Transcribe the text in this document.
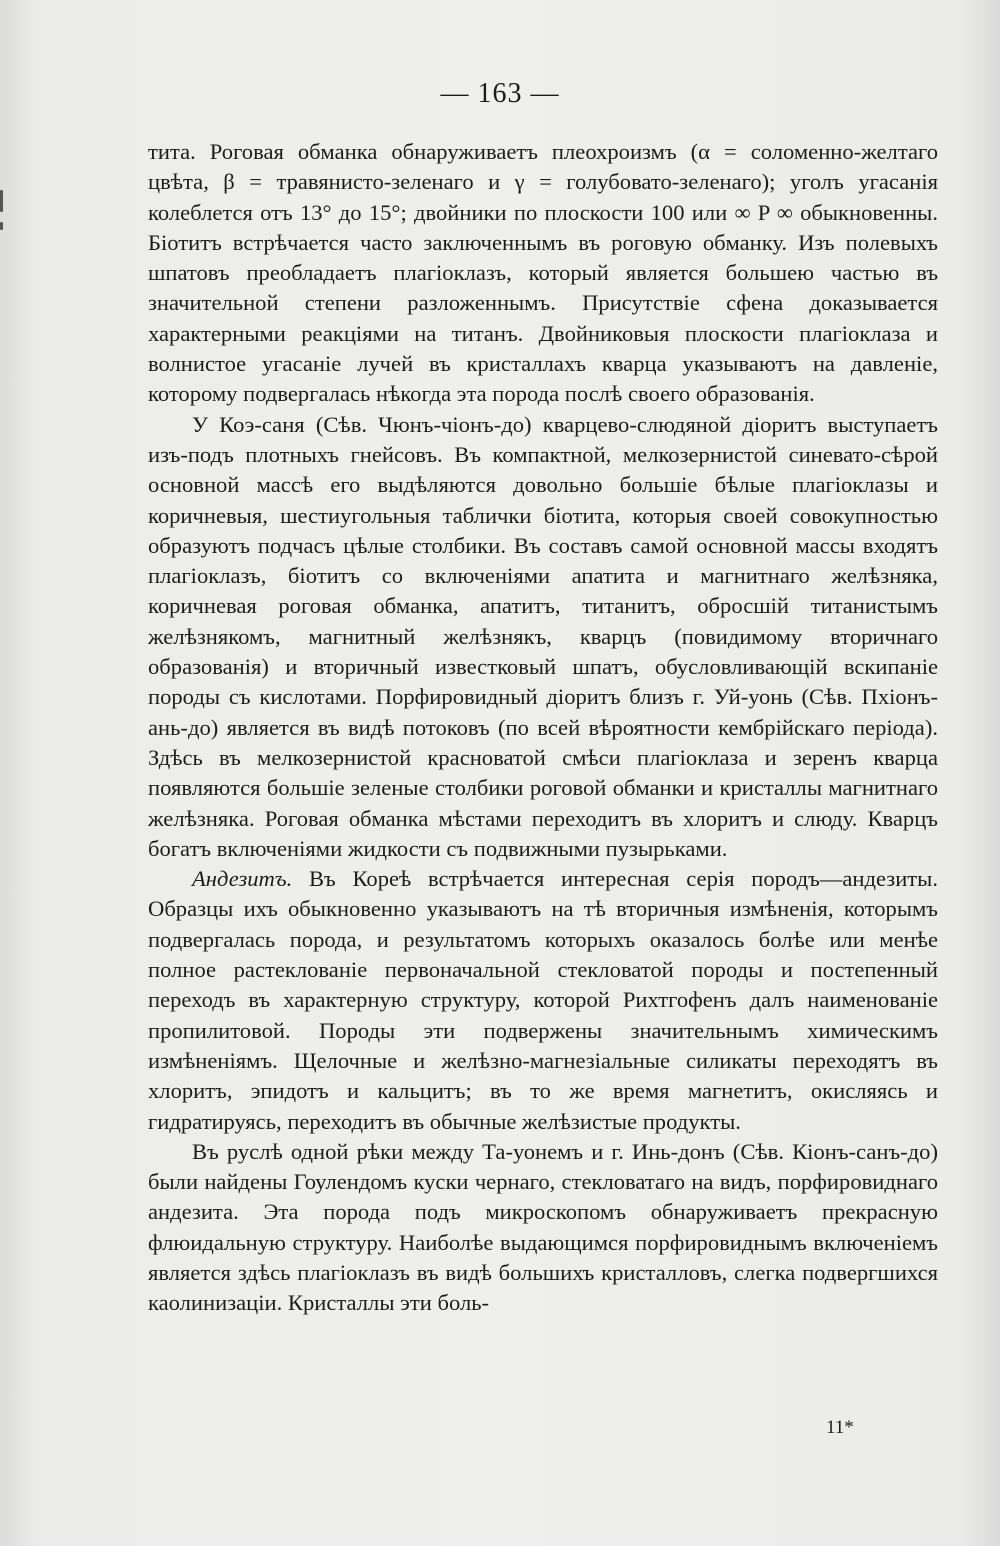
— 163 —

тита. Роговая обманка обнаруживаетъ плеохроизмъ (α = соломенно-желтаго цвѣта, β = травянисто-зеленаго и γ = голубовато-зеленаго); уголъ угасанія колеблется отъ 13° до 15°; двойники по плоскости 100 или ∞ P ∞ обыкновенны. Біотитъ встрѣчается часто заключеннымъ въ роговую обманку. Изъ полевыхъ шпатовъ преобладаетъ плагіоклазъ, который является большею частью въ значительной степени разложеннымъ. Присутствіе сфена доказывается характерными реакціями на титанъ. Двойниковыя плоскости плагіоклаза и волнистое угасаніе лучей въ кристаллахъ кварца указываютъ на давленіе, которому подвергалась нѣкогда эта порода послѣ своего образованія.

У Коэ-саня (Сѣв. Чюнъ-чіонъ-до) кварцево-слюдяной діоритъ выступаетъ изъ-подъ плотныхъ гнейсовъ. Въ компактной, мелкозернистой синевато-сѣрой основной массѣ его выдѣляются довольно большіе бѣлые плагіоклазы и коричневыя, шестиугольныя таблички біотита, которыя своей совокупностью образуютъ подчасъ цѣлые столбики. Въ составъ самой основной массы входятъ плагіоклазъ, біотитъ со включеніями апатита и магнитнаго желѣзняка, коричневая роговая обманка, апатитъ, титанитъ, обросшій титанистымъ желѣзнякомъ, магнитный желѣзнякъ, кварцъ (повидимому вторичнаго образованія) и вторичный известковый шпатъ, обусловливающій вскипаніе породы съ кислотами. Порфировидный діоритъ близъ г. Уй-уонь (Сѣв. Пхіонъ-ань-до) является въ видѣ потоковъ (по всей вѣроятности кембрійскаго періода). Здѣсь въ мелкозернистой красноватой смѣси плагіоклаза и зеренъ кварца появляются большіе зеленые столбики роговой обманки и кристаллы магнитнаго желѣзняка. Роговая обманка мѣстами переходитъ въ хлоритъ и слюду. Кварцъ богатъ включеніями жидкости съ подвижными пузырьками.

Андезитъ. Въ Кореѣ встрѣчается интересная серія породъ—андезиты. Образцы ихъ обыкновенно указываютъ на тѣ вторичныя измѣненія, которымъ подвергалась порода, и результатомъ которыхъ оказалось болѣе или менѣе полное растеклованіе первоначальной стекловатой породы и постепенный переходъ въ характерную структуру, которой Рихтгофенъ далъ наименованіе пропилитовой. Породы эти подвержены значительнымъ химическимъ измѣненіямъ. Щелочные и желѣзно-магнезіальные силикаты переходятъ въ хлоритъ, эпидотъ и кальцитъ; въ то же время магнетитъ, окисляясь и гидратируясь, переходитъ въ обычные желѣзистые продукты.

Въ руслѣ одной рѣки между Та-уонемъ и г. Инь-донъ (Сѣв. Кіонъ-санъ-до) были найдены Гоулендомъ куски чернаго, стекловатаго на видъ, порфировиднаго андезита. Эта порода подъ микроскопомъ обнаруживаетъ прекрасную флюидальную структуру. Наиболѣе выдающимся порфировиднымъ включеніемъ является здѣсь плагіоклазъ въ видѣ большихъ кристалловъ, слегка подвергшихся каолинизаціи. Кристаллы эти боль-

11*
